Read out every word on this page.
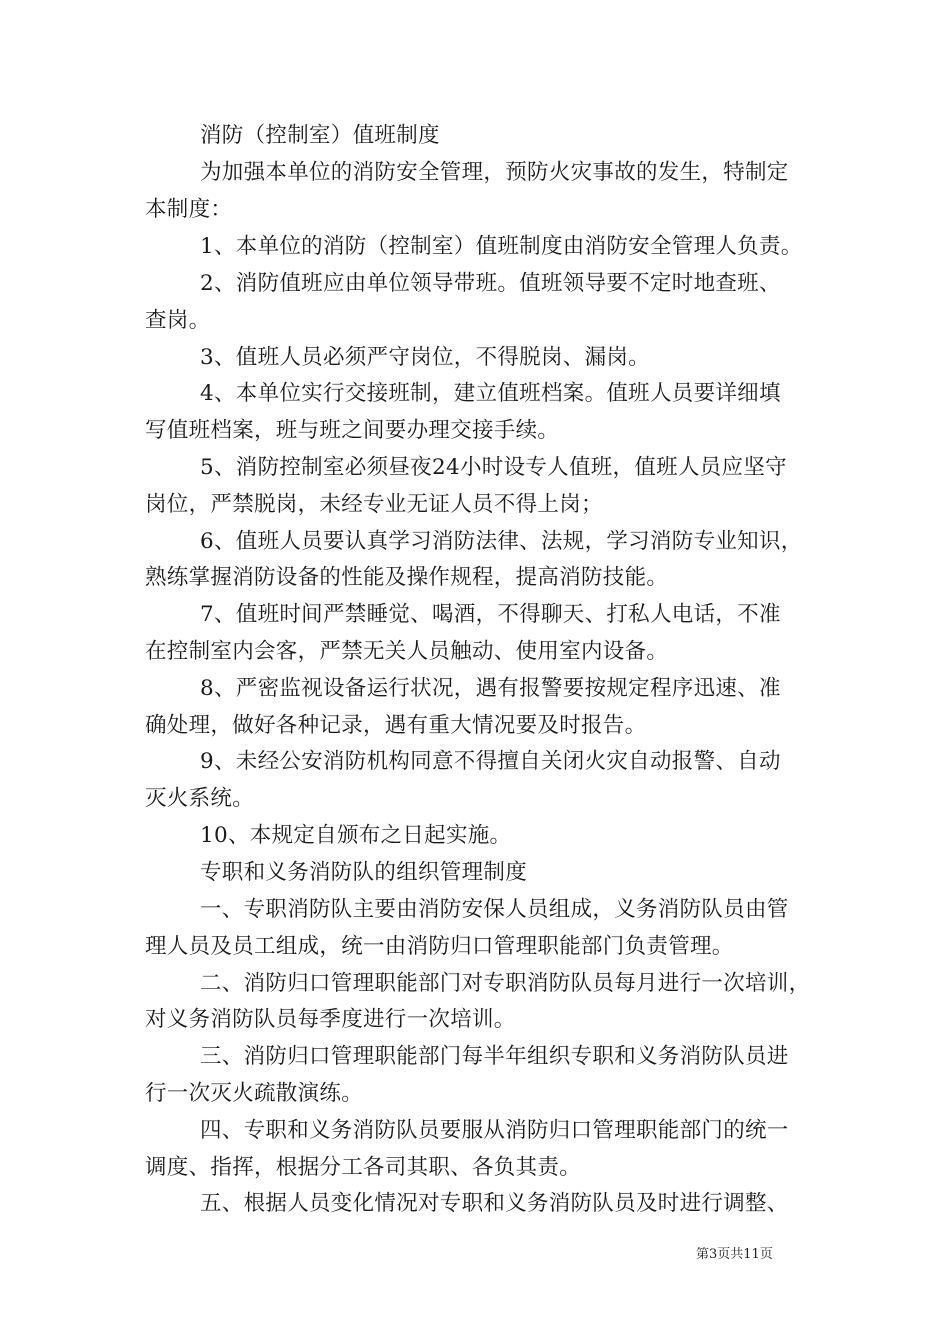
消防（控制室）值班制度
为加强本单位的消防安全管理，预防火灾事故的发生，特制定
本制度：
1、本单位的消防（控制室）值班制度由消防安全管理人负责。
2、消防值班应由单位领导带班。值班领导要不定时地查班、
查岗。
3、值班人员必须严守岗位，不得脱岗、漏岗。
4、本单位实行交接班制，建立值班档案。值班人员要详细填
写值班档案，班与班之间要办理交接手续。
5、消防控制室必须昼夜24小时设专人值班，值班人员应坚守
岗位，严禁脱岗，未经专业无证人员不得上岗；
6、值班人员要认真学习消防法律、法规，学习消防专业知识，
熟练掌握消防设备的性能及操作规程，提高消防技能。
7、值班时间严禁睡觉、喝酒，不得聊天、打私人电话，不准
在控制室内会客，严禁无关人员触动、使用室内设备。
8、严密监视设备运行状况，遇有报警要按规定程序迅速、准
确处理，做好各种记录，遇有重大情况要及时报告。
9、未经公安消防机构同意不得擅自关闭火灾自动报警、自动
灭火系统。
10、本规定自颁布之日起实施。
专职和义务消防队的组织管理制度
一、专职消防队主要由消防安保人员组成，义务消防队员由管
理人员及员工组成，统一由消防归口管理职能部门负责管理。
二、消防归口管理职能部门对专职消防队员每月进行一次培训，
对义务消防队员每季度进行一次培训。
三、消防归口管理职能部门每半年组织专职和义务消防队员进
行一次灭火疏散演练。
四、专职和义务消防队员要服从消防归口管理职能部门的统一
调度、指挥，根据分工各司其职、各负其责。
五、根据人员变化情况对专职和义务消防队员及时进行调整、
第3页共11页
